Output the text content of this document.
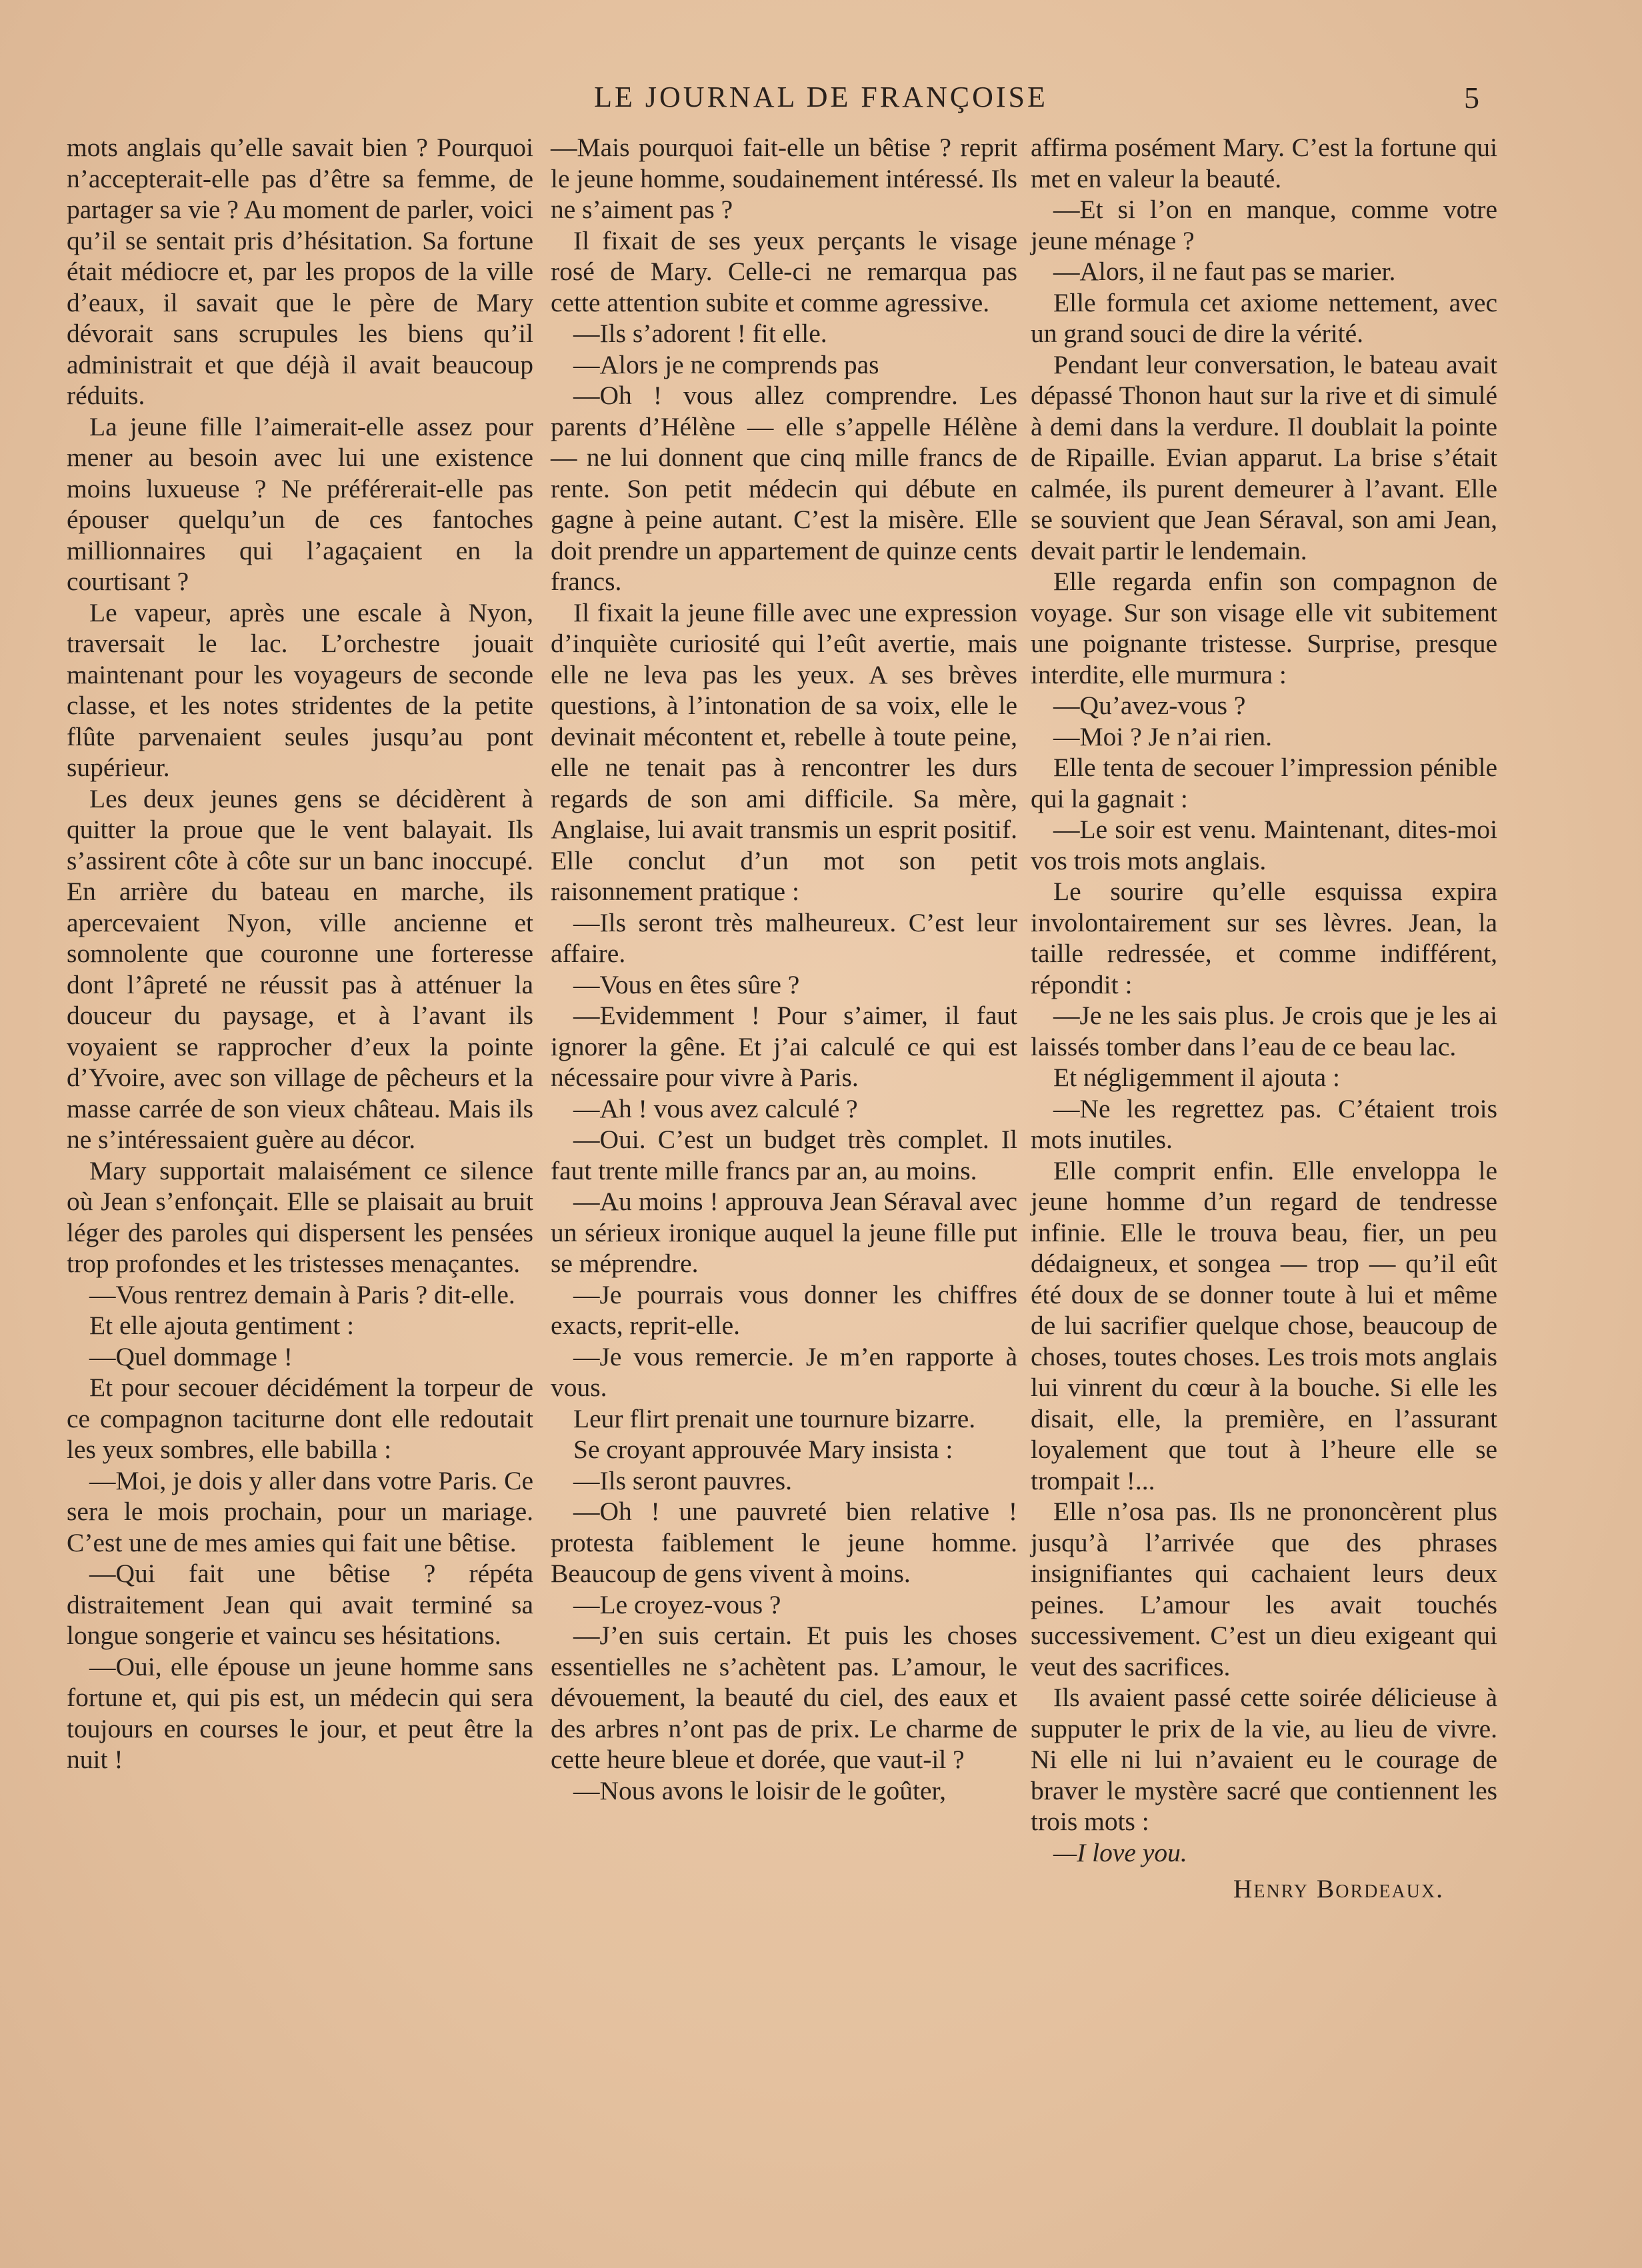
LE JOURNAL DE FRANÇOISE	5

mots anglais qu’elle savait bien ? Pourquoi n’accepterait-elle pas d’être sa femme, de partager sa vie ? Au moment de parler, voici qu’il se sentait pris d’hésitation. Sa fortune était médiocre et, par les propos de la ville d’eaux, il savait que le père de Mary dévorait sans scrupules les biens qu’il administrait et que déjà il avait beaucoup réduits.

La jeune fille l’aimerait-elle assez pour mener au besoin avec lui une existence moins luxueuse ? Ne préférerait-elle pas épouser quelqu’un de ces fantoches millionnaires qui l’agaçaient en la courtisant ?

Le vapeur, après une escale à Nyon, traversait le lac. L’orchestre jouait maintenant pour les voyageurs de seconde classe, et les notes stridentes de la petite flûte parvenaient seules jusqu’au pont supérieur.

Les deux jeunes gens se décidèrent à quitter la proue que le vent balayait. Ils s’assirent côte à côte sur un banc inoccupé. En arrière du bateau en marche, ils apercevaient Nyon, ville ancienne et somnolente que couronne une forteresse dont l’âpreté ne réussit pas à atténuer la douceur du paysage, et à l’avant ils voyaient se rapprocher d’eux la pointe d’Yvoire, avec son village de pêcheurs et la masse carrée de son vieux château. Mais ils ne s’intéressaient guère au décor.

Mary supportait malaisément ce silence où Jean s’enfonçait. Elle se plaisait au bruit léger des paroles qui dispersent les pensées trop profondes et les tristesses menaçantes.

—Vous rentrez demain à Paris ? dit-elle.

Et elle ajouta gentiment :

—Quel dommage !

Et pour secouer décidément la torpeur de ce compagnon taciturne dont elle redoutait les yeux sombres, elle babilla :

—Moi, je dois y aller dans votre Paris. Ce sera le mois prochain, pour un mariage. C’est une de mes amies qui fait une bêtise.

—Qui fait une bêtise ? répéta distraitement Jean qui avait terminé sa longue songerie et vaincu ses hésitations.

—Oui, elle épouse un jeune homme sans fortune et, qui pis est, un médecin qui sera toujours en courses le jour, et peut être la nuit !

—Mais pourquoi fait-elle un bêtise ? reprit le jeune homme, soudainement intéressé. Ils ne s’aiment pas ?

Il fixait de ses yeux perçants le visage rosé de Mary. Celle-ci ne remarqua pas cette attention subite et comme agressive.

—Ils s’adorent ! fit elle.

—Alors je ne comprends pas

—Oh ! vous allez comprendre. Les parents d’Hélène — elle s’appelle Hélène — ne lui donnent que cinq mille francs de rente. Son petit médecin qui débute en gagne à peine autant. C’est la misère. Elle doit prendre un appartement de quinze cents francs.

Il fixait la jeune fille avec une expression d’inquiète curiosité qui l’eût avertie, mais elle ne leva pas les yeux. A ses brèves questions, à l’intonation de sa voix, elle le devinait mécontent et, rebelle à toute peine, elle ne tenait pas à rencontrer les durs regards de son ami difficile. Sa mère, Anglaise, lui avait transmis un esprit positif. Elle conclut d’un mot son petit raisonnement pratique :

—Ils seront très malheureux. C’est leur affaire.

—Vous en êtes sûre ?

—Evidemment ! Pour s’aimer, il faut ignorer la gêne. Et j’ai calculé ce qui est nécessaire pour vivre à Paris.

—Ah ! vous avez calculé ?

—Oui. C’est un budget très complet. Il faut trente mille francs par an, au moins.

—Au moins ! approuva Jean Séraval avec un sérieux ironique auquel la jeune fille put se méprendre.

—Je pourrais vous donner les chiffres exacts, reprit-elle.

—Je vous remercie. Je m’en rapporte à vous.

Leur flirt prenait une tournure bizarre.

Se croyant approuvée Mary insista :

—Ils seront pauvres.

—Oh ! une pauvreté bien relative ! protesta faiblement le jeune homme. Beaucoup de gens vivent à moins.

—Le croyez-vous ?

—J’en suis certain. Et puis les choses essentielles ne s’achètent pas. L’amour, le dévouement, la beauté du ciel, des eaux et des arbres n’ont pas de prix. Le charme de cette heure bleue et dorée, que vaut-il ?

—Nous avons le loisir de le goûter,

affirma posément Mary. C’est la fortune qui met en valeur la beauté.

—Et si l’on en manque, comme votre jeune ménage ?

—Alors, il ne faut pas se marier.

Elle formula cet axiome nettement, avec un grand souci de dire la vérité.

Pendant leur conversation, le bateau avait dépassé Thonon haut sur la rive et di simulé à demi dans la verdure. Il doublait la pointe de Ripaille. Evian apparut. La brise s’était calmée, ils purent demeurer à l’avant. Elle se souvient que Jean Séraval, son ami Jean, devait partir le lendemain.

Elle regarda enfin son compagnon de voyage. Sur son visage elle vit subitement une poignante tristesse. Surprise, presque interdite, elle murmura :

—Qu’avez-vous ?

—Moi ? Je n’ai rien.

Elle tenta de secouer l’impression pénible qui la gagnait :

—Le soir est venu. Maintenant, dites-moi vos trois mots anglais.

Le sourire qu’elle esquissa expira involontairement sur ses lèvres. Jean, la taille redressée, et comme indifférent, répondit :

—Je ne les sais plus. Je crois que je les ai laissés tomber dans l’eau de ce beau lac.

Et négligemment il ajouta :

—Ne les regrettez pas. C’étaient trois mots inutiles.

Elle comprit enfin. Elle enveloppa le jeune homme d’un regard de tendresse infinie. Elle le trouva beau, fier, un peu dédaigneux, et songea — trop — qu’il eût été doux de se donner toute à lui et même de lui sacrifier quelque chose, beaucoup de choses, toutes choses. Les trois mots anglais lui vinrent du cœur à la bouche. Si elle les disait, elle, la première, en l’assurant loyalement que tout à l’heure elle se trompait !...

Elle n’osa pas. Ils ne prononcèrent plus jusqu’à l’arrivée que des phrases insignifiantes qui cachaient leurs deux peines. L’amour les avait touchés successivement. C’est un dieu exigeant qui veut des sacrifices.

Ils avaient passé cette soirée délicieuse à supputer le prix de la vie, au lieu de vivre. Ni elle ni lui n’avaient eu le courage de braver le mystère sacré que contiennent les trois mots :

—I love you.

Henry Bordeaux.
